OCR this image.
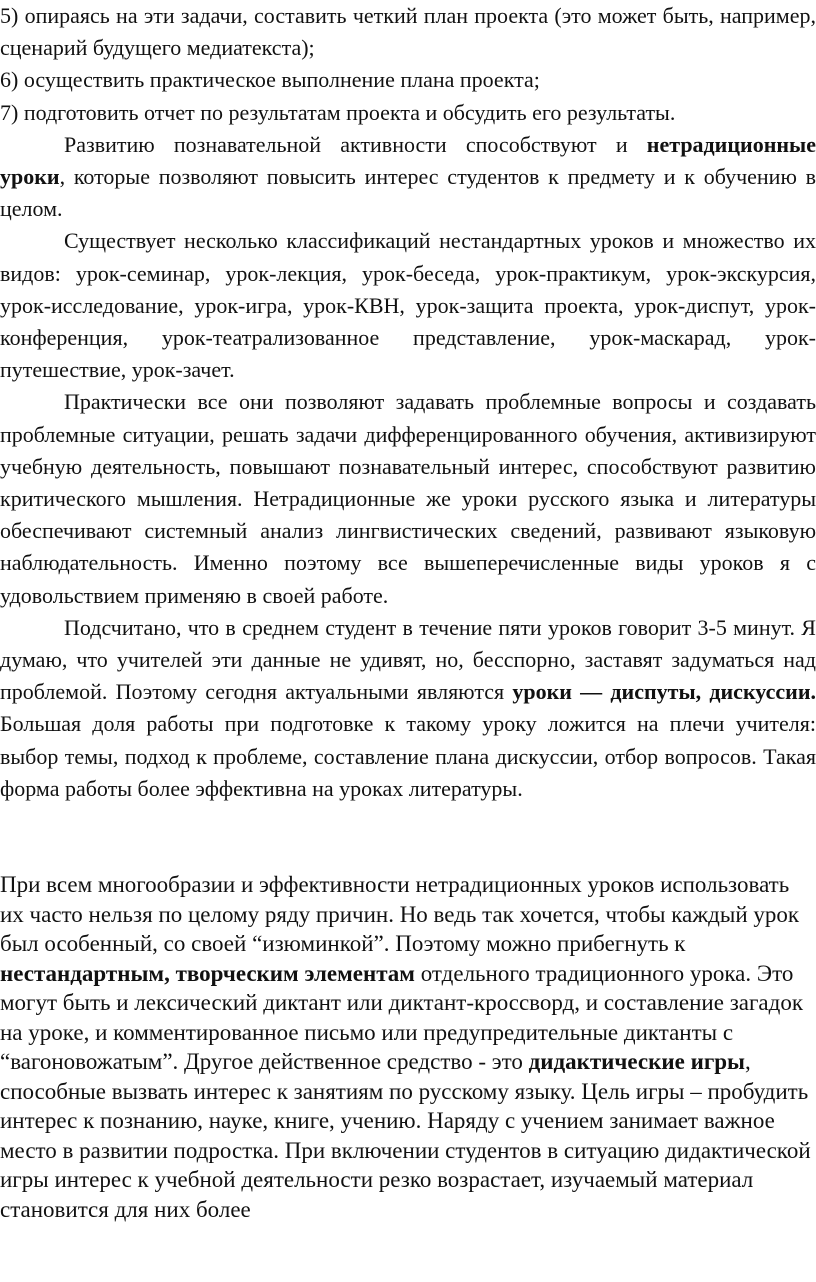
5) опираясь на эти задачи, составить четкий план проекта (это может быть, например, сценарий будущего медиатекста);

6) осуществить практическое выполнение плана проекта;

7) подготовить отчет по результатам проекта и обсудить его результаты.

Развитию познавательной активности способствуют и нетрадиционные уроки, которые позволяют повысить интерес студентов к предмету и к обучению в целом.

Существует несколько классификаций нестандартных уроков и множество их видов: урок-семинар, урок-лекция, урок-беседа, урок-практикум, урок-экскурсия, урок-исследование, урок-игра, урок-КВН, урок-защита проекта, урок-диспут, урок-конференция, урок-театрализованное представление, урок-маскарад, урок-путешествие, урок-зачет.

Практически все они позволяют задавать проблемные вопросы и создавать проблемные ситуации, решать задачи дифференцированного обучения, активизируют учебную деятельность, повышают познавательный интерес, способствуют развитию критического мышления. Нетрадиционные же уроки русского языка и литературы обеспечивают системный анализ лингвистических сведений, развивают языковую наблюдательность. Именно поэтому все вышеперечисленные виды уроков я с удовольствием применяю в своей работе.

Подсчитано, что в среднем студент в течение пяти уроков говорит 3-5 минут. Я думаю, что учителей эти данные не удивят, но, бесспорно, заставят задуматься над проблемой. Поэтому сегодня актуальными являются уроки — диспуты, дискуссии. Большая доля работы при подготовке к такому уроку ложится на плечи учителя: выбор темы, подход к проблеме, составление плана дискуссии, отбор вопросов. Такая форма работы более эффективна на уроках литературы.

При всем многообразии и эффективности нетрадиционных уроков использовать их часто нельзя по целому ряду причин. Но ведь так хочется, чтобы каждый урок был особенный, со своей “изюминкой”. Поэтому можно прибегнуть к нестандартным, творческим элементам отдельного традиционного урока. Это могут быть и лексический диктант или диктант-кроссворд, и составление загадок на уроке, и комментированное письмо или предупредительные диктанты с “вагоновожатым”. Другое действенное средство - это дидактические игры, способные вызвать интерес к занятиям по русскому языку. Цель игры – пробудить интерес к познанию, науке, книге, учению. Наряду с учением занимает важное место в развитии подростка. При включении студентов в ситуацию дидактической игры интерес к учебной деятельности резко возрастает, изучаемый материал становится для них более
